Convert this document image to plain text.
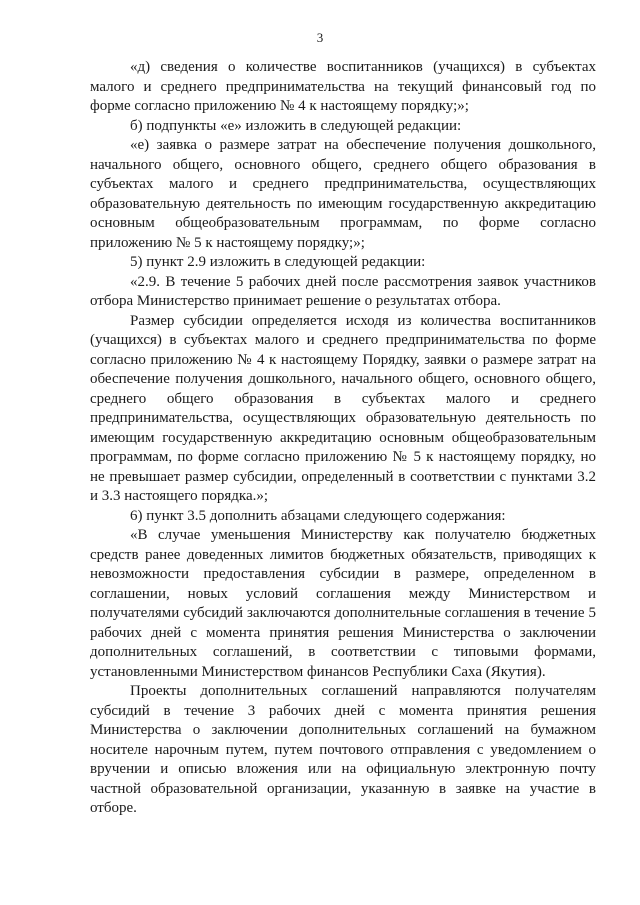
3

«д) сведения о количестве воспитанников (учащихся) в субъектах малого и среднего предпринимательства на текущий финансовый год по форме согласно приложению № 4 к настоящему порядку;»;

б) подпункты «е» изложить в следующей редакции:

«е) заявка о размере затрат на обеспечение получения дошкольного, начального общего, основного общего, среднего общего образования в субъектах малого и среднего предпринимательства, осуществляющих образовательную деятельность по имеющим государственную аккредитацию основным общеобразовательным программам, по форме согласно приложению № 5 к настоящему порядку;»;

5) пункт 2.9 изложить в следующей редакции:

«2.9. В течение 5 рабочих дней после рассмотрения заявок участников отбора Министерство принимает решение о результатах отбора.

Размер субсидии определяется исходя из количества воспитанников (учащихся) в субъектах малого и среднего предпринимательства по форме согласно приложению № 4 к настоящему Порядку, заявки о размере затрат на обеспечение получения дошкольного, начального общего, основного общего, среднего общего образования в субъектах малого и среднего предпринимательства, осуществляющих образовательную деятельность по имеющим государственную аккредитацию основным общеобразовательным программам, по форме согласно приложению № 5 к настоящему порядку, но не превышает размер субсидии, определенный в соответствии с пунктами 3.2 и 3.3 настоящего порядка.»;

6) пункт 3.5 дополнить абзацами следующего содержания:

«В случае уменьшения Министерству как получателю бюджетных средств ранее доведенных лимитов бюджетных обязательств, приводящих к невозможности предоставления субсидии в размере, определенном в соглашении, новых условий соглашения между Министерством и получателями субсидий заключаются дополнительные соглашения в течение 5 рабочих дней с момента принятия решения Министерства о заключении дополнительных соглашений, в соответствии с типовыми формами, установленными Министерством финансов Республики Саха (Якутия).

Проекты дополнительных соглашений направляются получателям субсидий в течение 3 рабочих дней с момента принятия решения Министерства о заключении дополнительных соглашений на бумажном носителе нарочным путем, путем почтового отправления с уведомлением о вручении и описью вложения или на официальную электронную почту частной образовательной организации, указанную в заявке на участие в отборе.
